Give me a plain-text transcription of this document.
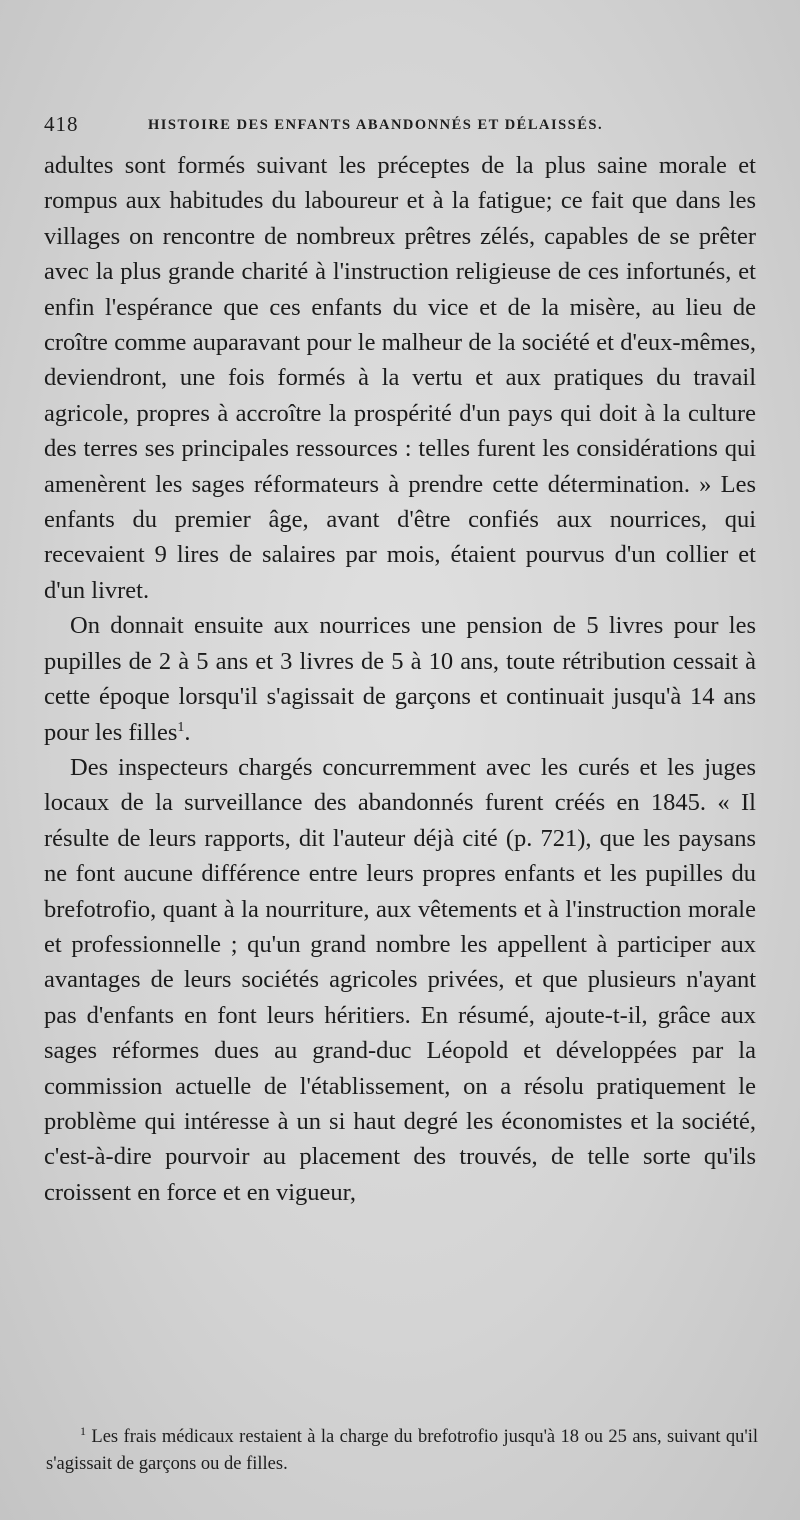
418	HISTOIRE DES ENFANTS ABANDONNÉS ET DÉLAISSÉS.

adultes sont formés suivant les préceptes de la plus saine morale et rompus aux habitudes du laboureur et à la fatigue; ce fait que dans les villages on rencontre de nombreux prêtres zélés, capables de se prêter avec la plus grande charité à l'instruction religieuse de ces infortunés, et enfin l'espérance que ces enfants du vice et de la misère, au lieu de croître comme auparavant pour le malheur de la société et d'eux-mêmes, deviendront, une fois formés à la vertu et aux pratiques du travail agricole, propres à accroître la prospérité d'un pays qui doit à la culture des terres ses principales ressources : telles furent les considérations qui amenèrent les sages réformateurs à prendre cette détermination. » Les enfants du premier âge, avant d'être confiés aux nourrices, qui recevaient 9 lires de salaires par mois, étaient pourvus d'un collier et d'un livret.

On donnait ensuite aux nourrices une pension de 5 livres pour les pupilles de 2 à 5 ans et 3 livres de 5 à 10 ans, toute rétribution cessait à cette époque lorsqu'il s'agissait de garçons et continuait jusqu'à 14 ans pour les filles$^1$.

Des inspecteurs chargés concurremment avec les curés et les juges locaux de la surveillance des abandonnés furent créés en 1845. « Il résulte de leurs rapports, dit l'auteur déjà cité (p. 721), que les paysans ne font aucune différence entre leurs propres enfants et les pupilles du brefotrofio, quant à la nourriture, aux vêtements et à l'instruction morale et professionnelle ; qu'un grand nombre les appellent à participer aux avantages de leurs sociétés agricoles privées, et que plusieurs n'ayant pas d'enfants en font leurs héritiers. En résumé, ajoute-t-il, grâce aux sages réformes dues au grand-duc Léopold et développées par la commission actuelle de l'établissement, on a résolu pratiquement le problème qui intéresse à un si haut degré les économistes et la société, c'est-à-dire pourvoir au placement des trouvés, de telle sorte qu'ils croissent en force et en vigueur,

$^1$ Les frais médicaux restaient à la charge du brefotrofio jusqu'à 18 ou 25 ans, suivant qu'il s'agissait de garçons ou de filles.
